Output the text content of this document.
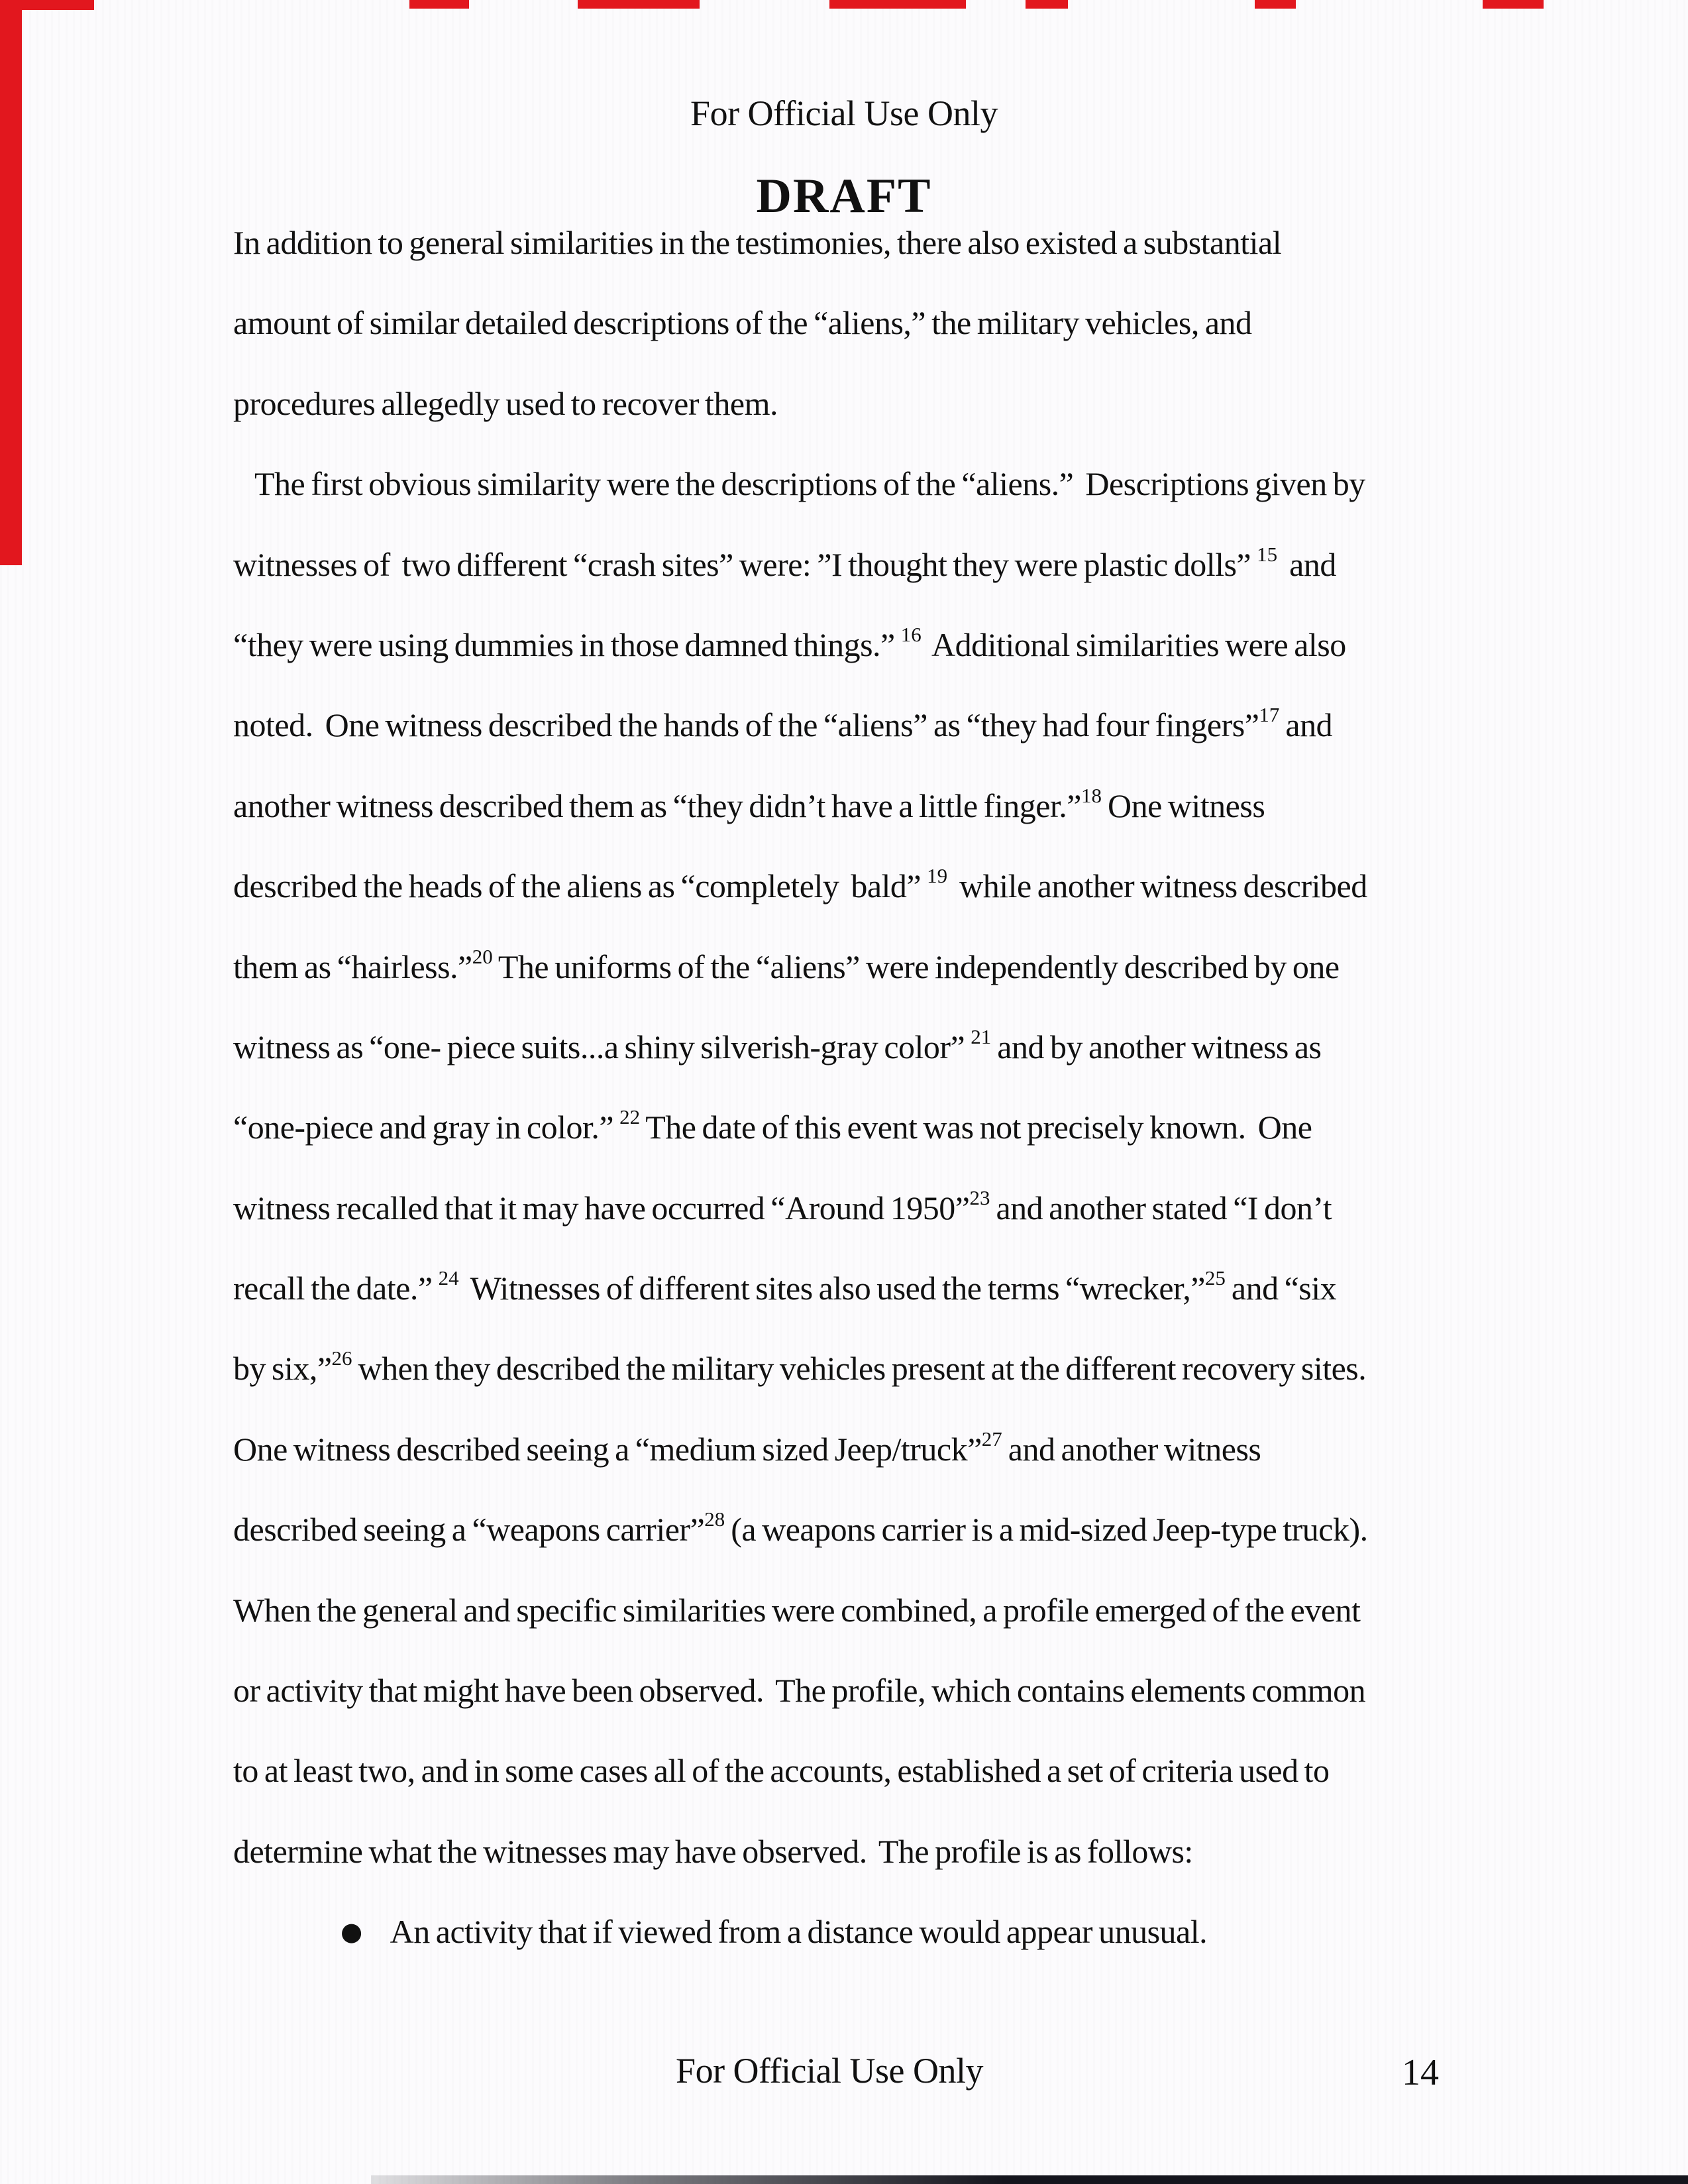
For Official Use Only
DRAFT
In addition to general similarities in the testimonies, there also existed a substantial
amount of similar detailed descriptions of the “aliens,” the military vehicles, and
procedures allegedly used to recover them.
The first obvious similarity were the descriptions of the “aliens.”  Descriptions given by
witnesses of  two different “crash sites” were: ”I thought they were plastic dolls” $^{15}$  and
“they were using dummies in those damned things.” $^{16}$  Additional similarities were also
noted.  One witness described the hands of the “aliens” as “they had four fingers”$^{17}$ and
another witness described them as “they didn’t have a little finger.”$^{18}$ One witness
described the heads of the aliens as “completely  bald” $^{19}$  while another witness described
them as “hairless.”$^{20}$ The uniforms of the “aliens” were independently described by one
witness as “one- piece suits...a shiny silverish-gray color” $^{21}$ and by another witness as
“one-piece and gray in color.” $^{22}$ The date of this event was not precisely known.  One
witness recalled that it may have occurred “Around 1950”$^{23}$ and another stated “I don’t
recall the date.” $^{24}$  Witnesses of different sites also used the terms “wrecker,”$^{25}$ and “six
by six,”$^{26}$ when they described the military vehicles present at the different recovery sites.
One witness described seeing a “medium sized Jeep/truck”$^{27}$ and another witness
described seeing a “weapons carrier”$^{28}$ (a weapons carrier is a mid-sized Jeep-type truck).
When the general and specific similarities were combined, a profile emerged of the event
or activity that might have been observed.  The profile, which contains elements common
to at least two, and in some cases all of the accounts, established a set of criteria used to
determine what the witnesses may have observed.  The profile is as follows:
● An activity that if viewed from a distance would appear unusual.
For Official Use Only	14
